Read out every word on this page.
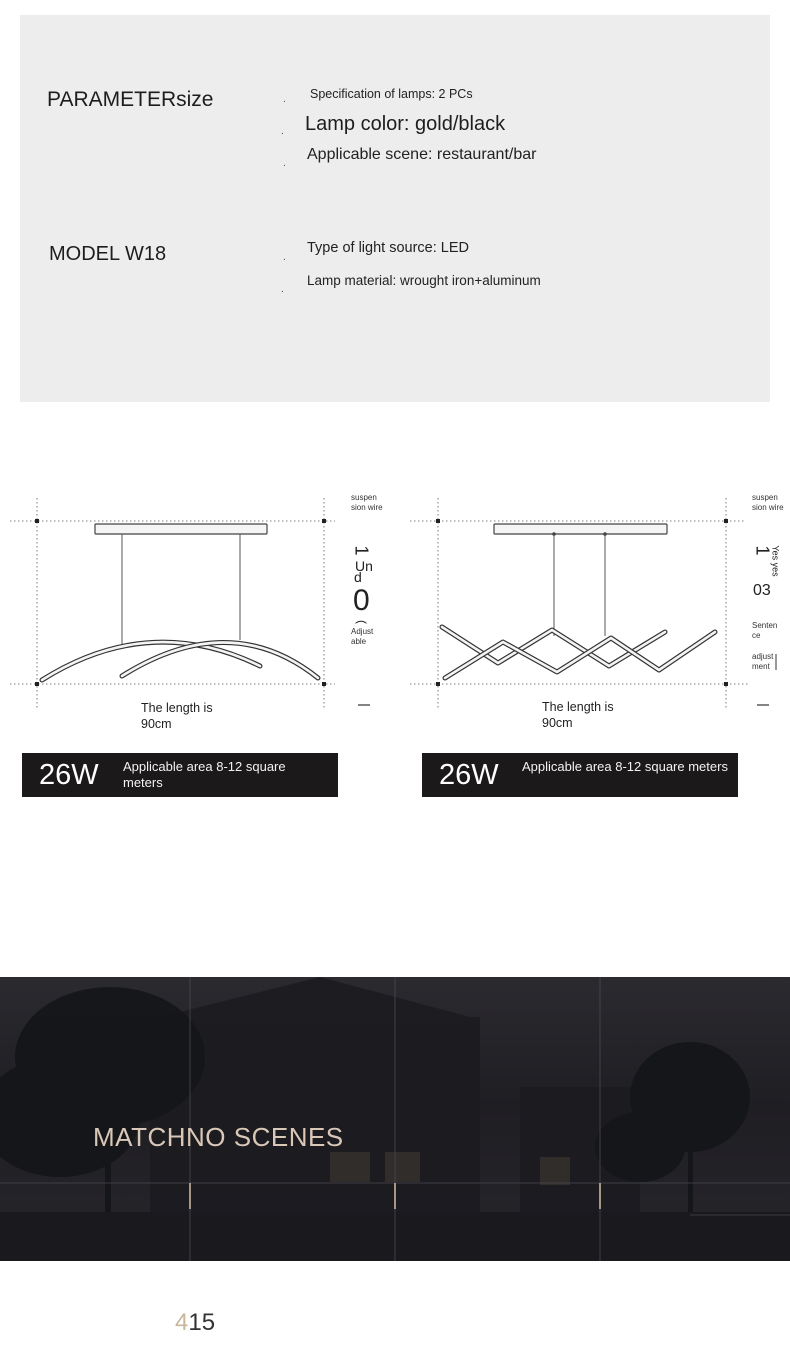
PARAMETERsize
MODEL W18
. Specification of lamps: 2 PCs
. Lamp color: gold/black
.
Applicable scene: restaurant/bar
.
Type of light source: LED
.
Lamp material: wrought iron+aluminum
suspen sion wire
1
Un
d
0
(
Adjust able
The length is 90cm
suspen sion wire
1
Yes yes
03
Senten ce
adjust ment
The length is 90cm
26W Applicable area 8-12 square meters	26W Applicable area 8-12 square meters
MATCHNO SCENES
415
